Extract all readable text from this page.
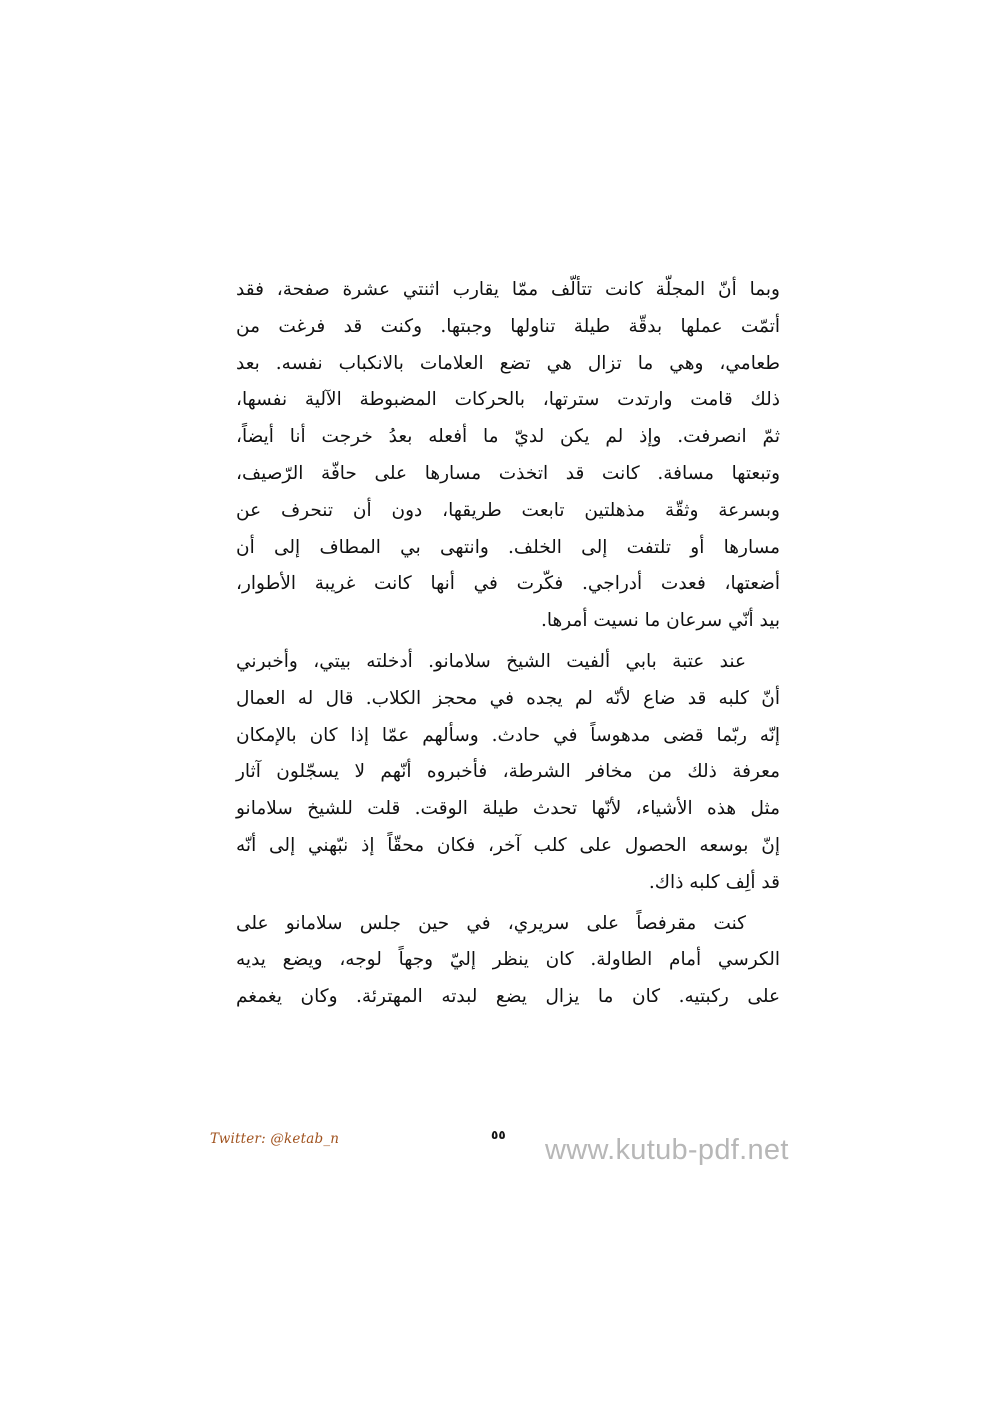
وبما أنّ المجلّة كانت تتألّف ممّا يقارب اثنتي عشرة صفحة، فقد
أتمّت عملها بدقّة طيلة تناولها وجبتها. وكنت قد فرغت من
طعامي، وهي ما تزال هي تضع العلامات بالانكباب نفسه. بعد
ذلك قامت وارتدت سترتها، بالحركات المضبوطة الآلية نفسها،
ثمّ انصرفت. وإذ لم يكن لديّ ما أفعله بعدُ خرجت أنا أيضاً،
وتبعتها مسافة. كانت قد اتخذت مسارها على حافّة الرّصيف،
وبسرعة وثقّة مذهلتين تابعت طريقها، دون أن تنحرف عن
مسارها أو تلتفت إلى الخلف. وانتهى بي المطاف إلى أن
أضعتها، فعدت أدراجي. فكّرت في أنها كانت غريبة الأطوار،
بيد أنّي سرعان ما نسيت أمرها.
عند عتبة بابي ألفيت الشيخ سلامانو. أدخلته بيتي، وأخبرني
أنّ كلبه قد ضاع لأنّه لم يجده في محجز الكلاب. قال له العمال
إنّه ربّما قضى مدهوساً في حادث. وسألهم عمّا إذا كان بالإمكان
معرفة ذلك من مخافر الشرطة، فأخبروه أنّهم لا يسجّلون آثار
مثل هذه الأشياء، لأنّها تحدث طيلة الوقت. قلت للشيخ سلامانو
إنّ بوسعه الحصول على كلب آخر، فكان محقّاً إذ نبّهني إلى أنّه
قد ألِف كلبه ذاك.
كنت مقرفصاً على سريري، في حين جلس سلامانو على
الكرسي أمام الطاولة. كان ينظر إليّ وجهاً لوجه، ويضع يديه
على ركبتيه. كان ما يزال يضع لبدته المهترئة. وكان يغمغم
Twitter: @ketab_n	٥٥ www.kutub-pdf.net
